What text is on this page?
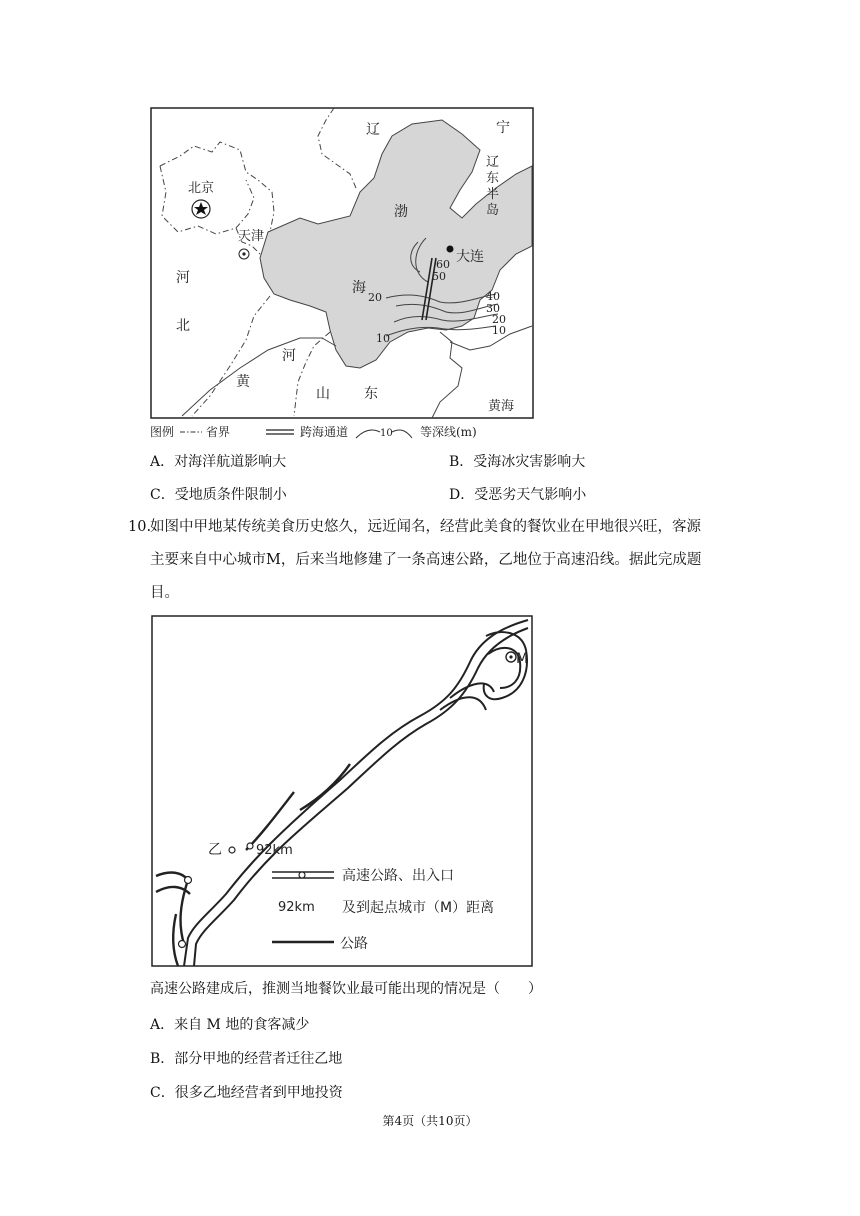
辽	宁
辽
东
半
岛
北京
天津
渤
海
大连
河
北
河
黄
山 东
黄海
60
50
20
10
40
30
20
10
图例	省界	跨海通道	10 等深线(m)
A．对海洋航道影响大	B．受海冰灾害影响大
C．受地质条件限制小	D．受恶劣天气影响小
10.
如图中甲地某传统美食历史悠久，远近闻名，经营此美食的餐饮业在甲地很兴旺，客源
主要来自中心城市M，后来当地修建了一条高速公路，乙地位于高速沿线。据此完成题
目。
M
乙	92km
高速公路、出入口
92km 及到起点城市（M）距离
公路
高速公路建成后，推测当地餐饮业最可能出现的情况是（　　）
A．来自 M 地的食客减少
B．部分甲地的经营者迁往乙地
C．很多乙地经营者到甲地投资
第4页（共10页）
